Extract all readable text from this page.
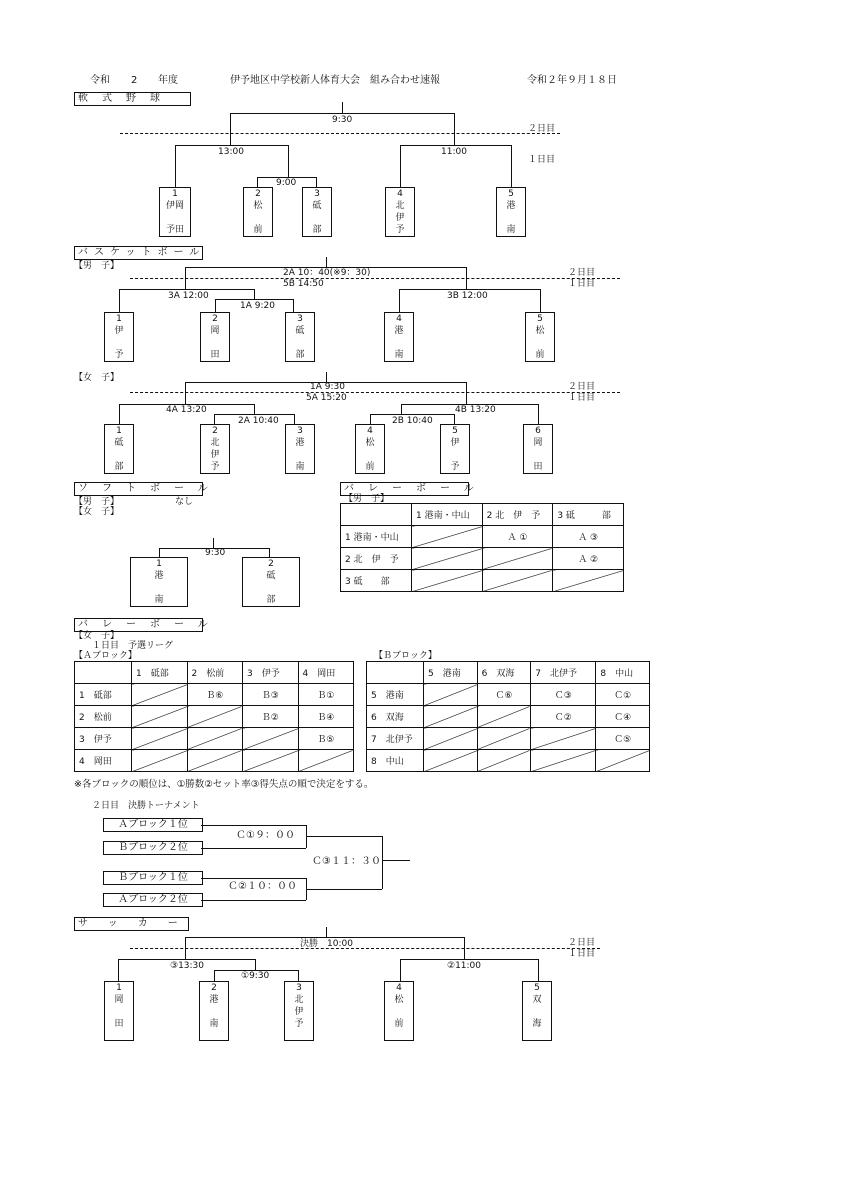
令和 2 年度	伊予地区中学校新人体育大会　組み合わせ速報	令和２年９月１８日
軟式野球
２日目
１日目
9:30
13:00
9:00
11:00
1
伊岡

予田
2
松

前
3
砥

部
4
北
伊
予
5
港

南
バスケットボール
【男　子】
2A 10：40(※9：30)
5B 14:50
２日目
１日目
3A 12:00
1A 9:20
3B 12:00
1
伊

予
2
岡

田
3
砥

部
4
港

南
5
松

前
【女　子】
1A 9:30
5A 15:20
２日目
１日目
4A 13:20
2A 10:40
4B 13:20
2B 10:40
1
砥

部
2
北
伊
予
3
港

南
4
松

前
5
伊

予
6
岡

田
ソフトボール
【男　子】	なし
【女　子】
9:30
1
港

南
2
砥

部
バレーボール
【男　子】
	1 港南・中山	2 北　伊　予	3 砥　　　部
1 港南・中山		Ａ ①	Ａ ③
2 北　伊　予			Ａ ②
3 砥　　部			
バレーボール
【女　子】
１日目　予選リーグ
【Ａブロック】	【Ｂブロック】
	1　砥部	2　松前	3　伊予	4　岡田
1　砥部		Ｂ⑥	Ｂ③	Ｂ①
2　松前			Ｂ②	Ｂ④
3　伊予				Ｂ⑤
4　岡田				
	5　港南	6　双海	7　北伊予	8　中山
5　港南		Ｃ⑥	Ｃ③	Ｃ①
6　双海			Ｃ②	Ｃ④
7　北伊予				Ｃ⑤
8　中山				
※各ブロックの順位は、①勝数②セット率③得失点の順で決定をする。
２日目　決勝トーナメント
Ａブロック１位
Ｂブロック２位
Ｂブロック１位
Ａブロック２位
Ｃ①９：００
Ｃ②１０：００
Ｃ③１１：３０
サッカー
決勝　10:00	２日目
１日目
③13:30
①9:30
②11:00
1
岡

田
2
港

南
3
北
伊
予
4
松

前
5
双

海
